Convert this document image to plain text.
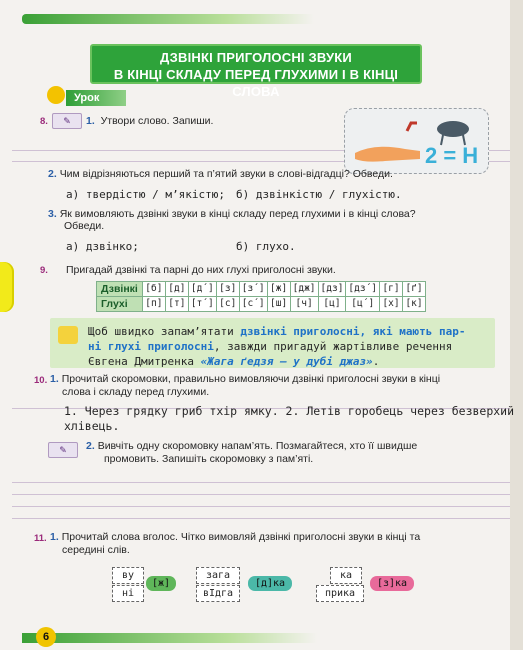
ДЗВІНКІ ПРИГОЛОСНІ ЗВУКИ
В КІНЦІ СКЛАДУ ПЕРЕД ГЛУХИМИ І В КІНЦІ СЛОВА
Урок
8.	✎	1. Утвори слово. Запиши.
2 = Н
2. Чим відрізняються перший та п’ятий звуки в слові-відгадці? Обведи.
а) твердістю / м’якістю; б) дзвінкістю / глухістю.
3. Як вимовляють дзвінкі звуки в кінці складу перед глухими і в кінці слова?
Обведи.
а) дзвінко;	б) глухо.
9. Пригадай дзвінкі та парні до них глухі приголосні звуки.
Дзвінкі	[б]	[д]	[д´]	[з]	[з´]	[ж]	[дж]	[дз]	[дз´]	[г]	[ґ]
Глухі	[п]	[т]	[т´]	[с]	[с´]	[ш]	[ч]	[ц]	[ц´]	[х]	[к]
Щоб швидко запам’ятати дзвінкі приголосні, які мають пар-
ні глухі приголосні, завжди пригадуй жартівливе речення
Євгена Дмитренка «Жага ґедзя — у дубі джаз».
10. 1. Прочитай скоромовки, правильно вимовляючи дзвінкі приголосні звуки в кінці
слова і складу перед глухими.
1. Через грядку гриб тхір ямку. 2. Летів горобець через безверхий
хлівець.
✎	2. Вивчіть одну скоромовку напам’ять. Позмагайтеся, хто її швидше
промовить. Запишіть скоромовку з пам’яті.
11. 1. Прочитай слова вголос. Чітко вимовляй дзвінкі приголосні звуки в кінці та
середині слів.
ву
ні
[ж]
зага
вІдга
[д]ка
ка
прика
[з]ка
6
